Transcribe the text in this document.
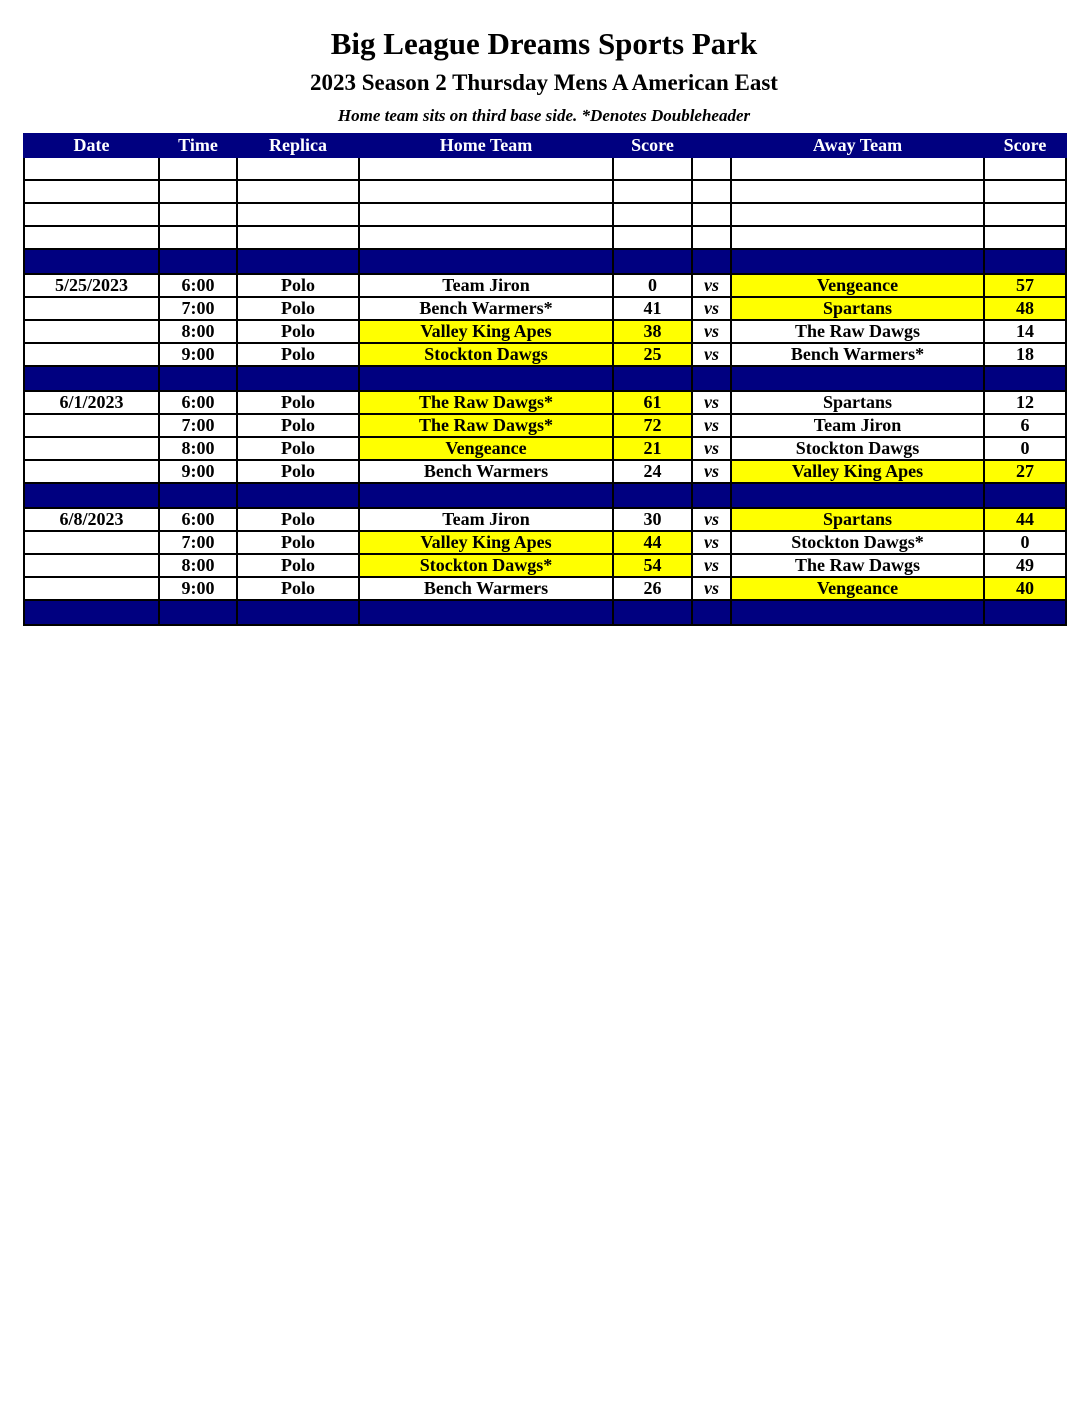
Big League Dreams Sports Park
2023 Season 2 Thursday Mens A American East
Home team sits on third base side. *Denotes Doubleheader
Date	Time	Replica	Home Team	Score		Away Team	Score

5/25/2023	6:00	Polo	Team Jiron	0	vs	Vengeance	57
	7:00	Polo	Bench Warmers*	41	vs	Spartans	48
	8:00	Polo	Valley King Apes	38	vs	The Raw Dawgs	14
	9:00	Polo	Stockton Dawgs	25	vs	Bench Warmers*	18

6/1/2023	6:00	Polo	The Raw Dawgs*	61	vs	Spartans	12
	7:00	Polo	The Raw Dawgs*	72	vs	Team Jiron	6
	8:00	Polo	Vengeance	21	vs	Stockton Dawgs	0
	9:00	Polo	Bench Warmers	24	vs	Valley King Apes	27

6/8/2023	6:00	Polo	Team Jiron	30	vs	Spartans	44
	7:00	Polo	Valley King Apes	44	vs	Stockton Dawgs*	0
	8:00	Polo	Stockton Dawgs*	54	vs	The Raw Dawgs	49
	9:00	Polo	Bench Warmers	26	vs	Vengeance	40
